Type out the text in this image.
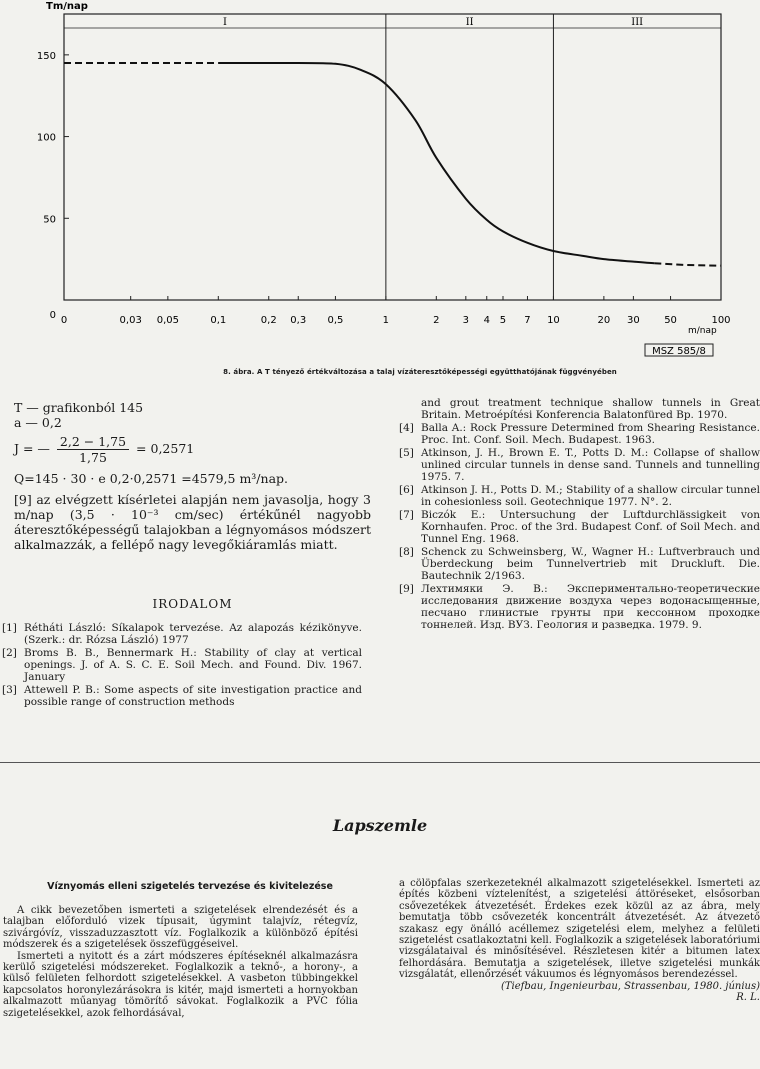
0
50
100
150
0	0,03 0,05	0,1	0,2 0,3 0,5	1	2 3 4 5 7 10	20 30 50	100
I	II	III
Tm/nap
m/nap
MSZ 585/8
8. ábra. A T tényező értékváltozása a talaj vízáteresztőképességi együtthatójának függvényében
T — grafikonból 145
a — 0,2
J = — $\frac{2,2 - 1,75}{1,75} = 0,2571$
Q=145 · 30 · e 0,2·0,2571 =4579,5 m³/nap.
[9] az elvégzett kísérletei alapján nem javasolja, hogy 3 m/nap (3,5 · 10⁻³ cm/sec) értékűnél nagyobb áteresztőképességű talajokban a légnyomásos módszert alkalmazzák, a fellépő nagy levegőkiáramlás miatt.
IRODALOM
[1] Rétháti László: Síkalapok tervezése. Az alapozás kézikönyve. (Szerk.: dr. Rózsa László) 1977
[2] Broms B. B., Bennermark H.: Stability of clay at vertical openings. J. of A. S. C. E. Soil Mech. and Found. Div. 1967. January
[3] Attewell P. B.: Some aspects of site investigation practice and possible range of construction methods
and grout treatment technique shallow tunnels in Great Britain. Metroépítési Konferencia Balatonfüred Bp. 1970.
[4] Balla A.: Rock Pressure Determined from Shearing Resistance. Proc. Int. Conf. Soil. Mech. Budapest. 1963.
[5] Atkinson, J. H., Brown E. T., Potts D. M.: Collapse of shallow unlined circular tunnels in dense sand. Tunnels and tunnelling 1975. 7.
[6] Atkinson J. H., Potts D. M.; Stability of a shallow circular tunnel in cohesionless soil. Geotechnique 1977. N°. 2.
[7] Biczók E.: Untersuchung der Luftdurchlässigkeit von Kornhaufen. Proc. of the 3rd. Budapest Conf. of Soil Mech. and Tunnel Eng. 1968.
[8] Schenck zu Schweinsberg, W., Wagner H.: Luftverbrauch und Überdeckung beim Tunnelvertrieb mit Druckluft. Die. Bautechnik 2/1963.
[9] Лехтимяки Э. В.: Экспериментально-теоретические исследования движение воздуха через водонасыщенные, песчано глинистые грунты при кессонном проходке тоннелей. Изд. ВУЗ. Геология и разведка. 1979. 9.
Lapszemle
Víznyomás elleni szigetelés tervezése és kivitelezése

A cikk bevezetőben ismerteti a szigetelések elrendezését és a talajban előforduló vizek típusait, úgymint talajvíz, rétegvíz, szivárgóvíz, visszaduzzasztott víz. Foglalkozik a különböző építési módszerek és a szigetelések összefüggéseivel.

Ismerteti a nyitott és a zárt módszeres építéseknél alkalmazásra kerülő szigetelési módszereket. Foglalkozik a teknő-, a horony-, a külső felületen felhordott szigetelésekkel. A vasbeton tübbingekkel kapcsolatos horonylezárásokra is kitér, majd ismerteti a hornyokban alkalmazott műanyag tömörítő sávokat. Foglalkozik a PVC fólia szigetelésekkel, azok felhordásával,

a cölöpfalas szerkezeteknél alkalmazott szigetelésekkel. Ismerteti az építés közbeni víztelenítést, a szigetelési áttöréseket, elsősorban csővezetékek átvezetését. Érdekes ezek közül az az ábra, mely bemutatja több csővezeték koncentrált átvezetését. Az átvezető szakasz egy önálló acéllemez szigetelési elem, melyhez a felületi szigetelést csatlakoztatni kell. Foglalkozik a szigetelések laboratóriumi vizsgálataival és minősítésével. Részletesen kitér a bitumen latex felhordására. Bemutatja a szigetelések, illetve szigetelési munkák vizsgálatát, ellenőrzését vákuumos és légnyomásos berendezéssel.

(Tiefbau, Ingenieurbau, Strassenbau, 1980. június)

R. L.
